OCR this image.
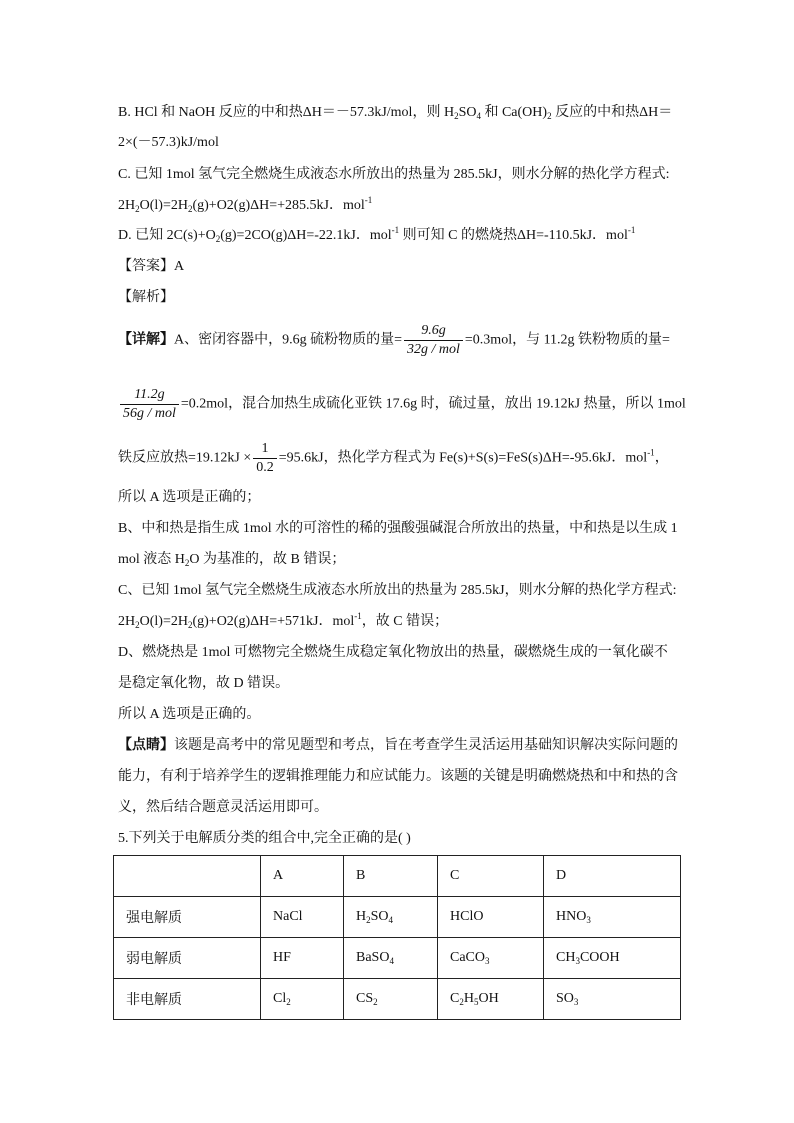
B. HCl 和 NaOH 反应的中和热ΔH＝－57.3kJ/mol，则 $H_2SO_4$ 和 $Ca(OH)_2$ 反应的中和热ΔH＝
2×(－57.3)kJ/mol
C. 已知 1mol 氢气完全燃烧生成液态水所放出的热量为 285.5kJ，则水分解的热化学方程式:
$2H_2O(l)=2H_2(g)+O2(g)\Delta H=+285.5kJ$．mol$^{-1}$
D. 已知 $2C(s)+O_2(g)=2CO(g)\Delta H=-22.1kJ$．mol$^{-1}$ 则可知 C 的燃烧热ΔH=-110.5kJ．mol$^{-1}$
【答案】A
【解析】
【详解】A、密闭容器中，9.6g 硫粉物质的量= $\frac{9.6g}{\text{32g / mol}} =0.3mol$，与 11.2g 铁粉物质的量=
$\frac{11.2g}{\text{56g / mol}} =0.2mol$，混合加热生成硫化亚铁 17.6g 时，硫过量，放出 19.12kJ 热量，所以 1mol
铁反应放热$=19.12kJ \times \frac{1}{0.2} =95.6kJ$，热化学方程式为 Fe(s)+S(s)=FeS(s)ΔH=-95.6kJ．mol$^{-1}$，
所以 A 选项是正确的；
B、中和热是指生成 1mol 水的可溶性的稀的强酸强碱混合所放出的热量，中和热是以生成 1
mol 液态 $H_2O$ 为基准的，故 B 错误；
C、已知 1mol 氢气完全燃烧生成液态水所放出的热量为 285.5kJ，则水分解的热化学方程式:
$2H_2O(l)=2H_2(g)+O2(g)\Delta H=+571kJ$．mol$^{-1}$，故 C 错误；
D、燃烧热是 1mol 可燃物完全燃烧生成稳定氧化物放出的热量，碳燃烧生成的一氧化碳不
是稳定氧化物，故 D 错误。
所以 A 选项是正确的。
【点睛】该题是高考中的常见题型和考点，旨在考查学生灵活运用基础知识解决实际问题的
能力，有利于培养学生的逻辑推理能力和应试能力。该题的关键是明确燃烧热和中和热的含
义，然后结合题意灵活运用即可。
5.下列关于电解质分类的组合中,完全正确的是( )
	A	B	C	D
强电解质	NaCl	$H_2SO_4$	HClO	$HNO_3$
弱电解质	HF	BaSO$_4$	CaCO$_3$	$CH_3COOH$
非电解质	$Cl_2$	$CS_2$	$C_2H_5OH$	$SO_3$
